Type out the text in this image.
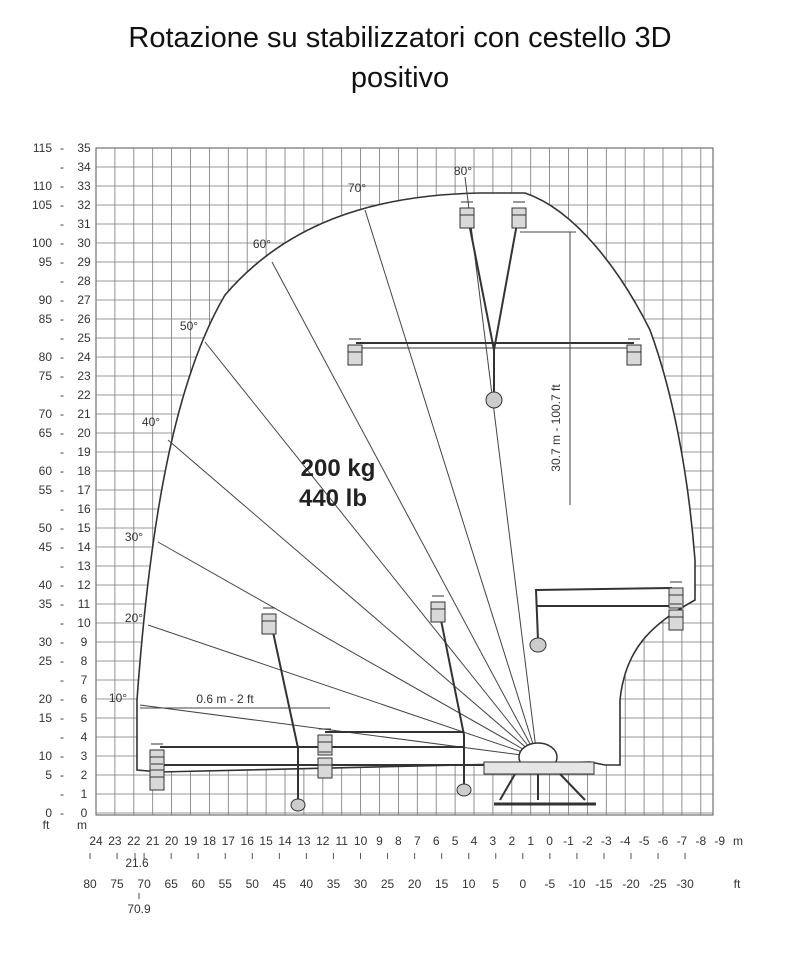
Rotazione su stabilizzatori con cestello 3D
positivo
115 - 35
- 34
110 - 33
105 - 32
- 31
100 - 30
95 - 29
- 28
90 - 27
85 - 26
- 25
80 - 24
75 - 23
- 22
70 - 21
65 - 20
- 19
60 - 18
55 - 17
- 16
50 - 15
45 - 14
- 13
40 - 12
35 - 11
- 10
30 - 9
25 - 8
- 7
20 - 6
15 - 5
- 4
10 - 3
5 - 2
- 1
0 - 0
ft m
24 23 22 21 20 19 18 17 16 15 14 13 12 11 10 9 8 7 6 5 4 3 2 1 0 -1 -2 -3 -4 -5 -6 -7 -8 -9 m
80 75 70 65 60 55 50 45 40 35 30 25 20 15 10 5 0 -5 -10 -15 -20 -25 -30	ft
21.6
70.9
10°
20°
30°
40°
50°
60°
70°
80°
200 kg
440 lb
0.6 m - 2 ft
30.7 m - 100.7 ft
